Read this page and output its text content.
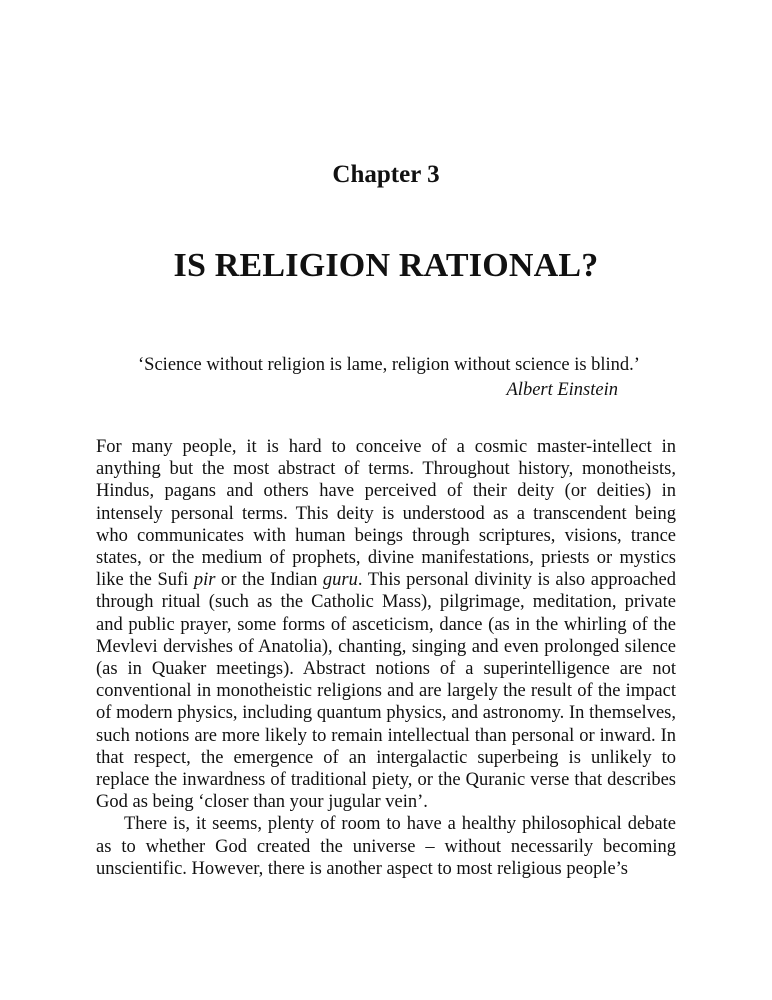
Chapter 3
IS RELIGION RATIONAL?
‘Science without religion is lame, religion without science is blind.’
Albert Einstein

For many people, it is hard to conceive of a cosmic master-intellect in anything but the most abstract of terms. Throughout history, monotheists, Hindus, pagans and others have perceived of their deity (or deities) in intensely personal terms. This deity is understood as a transcendent being who communicates with human beings through scriptures, visions, trance states, or the medium of prophets, divine manifestations, priests or mystics like the Sufi pir or the Indian guru. This personal divinity is also approached through ritual (such as the Catholic Mass), pilgrimage, meditation, private and public prayer, some forms of asceticism, dance (as in the whirling of the Mevlevi dervishes of Anatolia), chanting, singing and even prolonged silence (as in Quaker meetings). Abstract notions of a superintelligence are not conventional in monotheistic religions and are largely the result of the impact of modern physics, including quantum physics, and astronomy. In themselves, such notions are more likely to remain intellectual than personal or inward. In that respect, the emergence of an intergalactic superbeing is unlikely to replace the inwardness of traditional piety, or the Quranic verse that describes God as being ‘closer than your jugular vein’.

There is, it seems, plenty of room to have a healthy philosophical debate as to whether God created the universe – without necessarily becoming unscientific. However, there is another aspect to most religious people’s
